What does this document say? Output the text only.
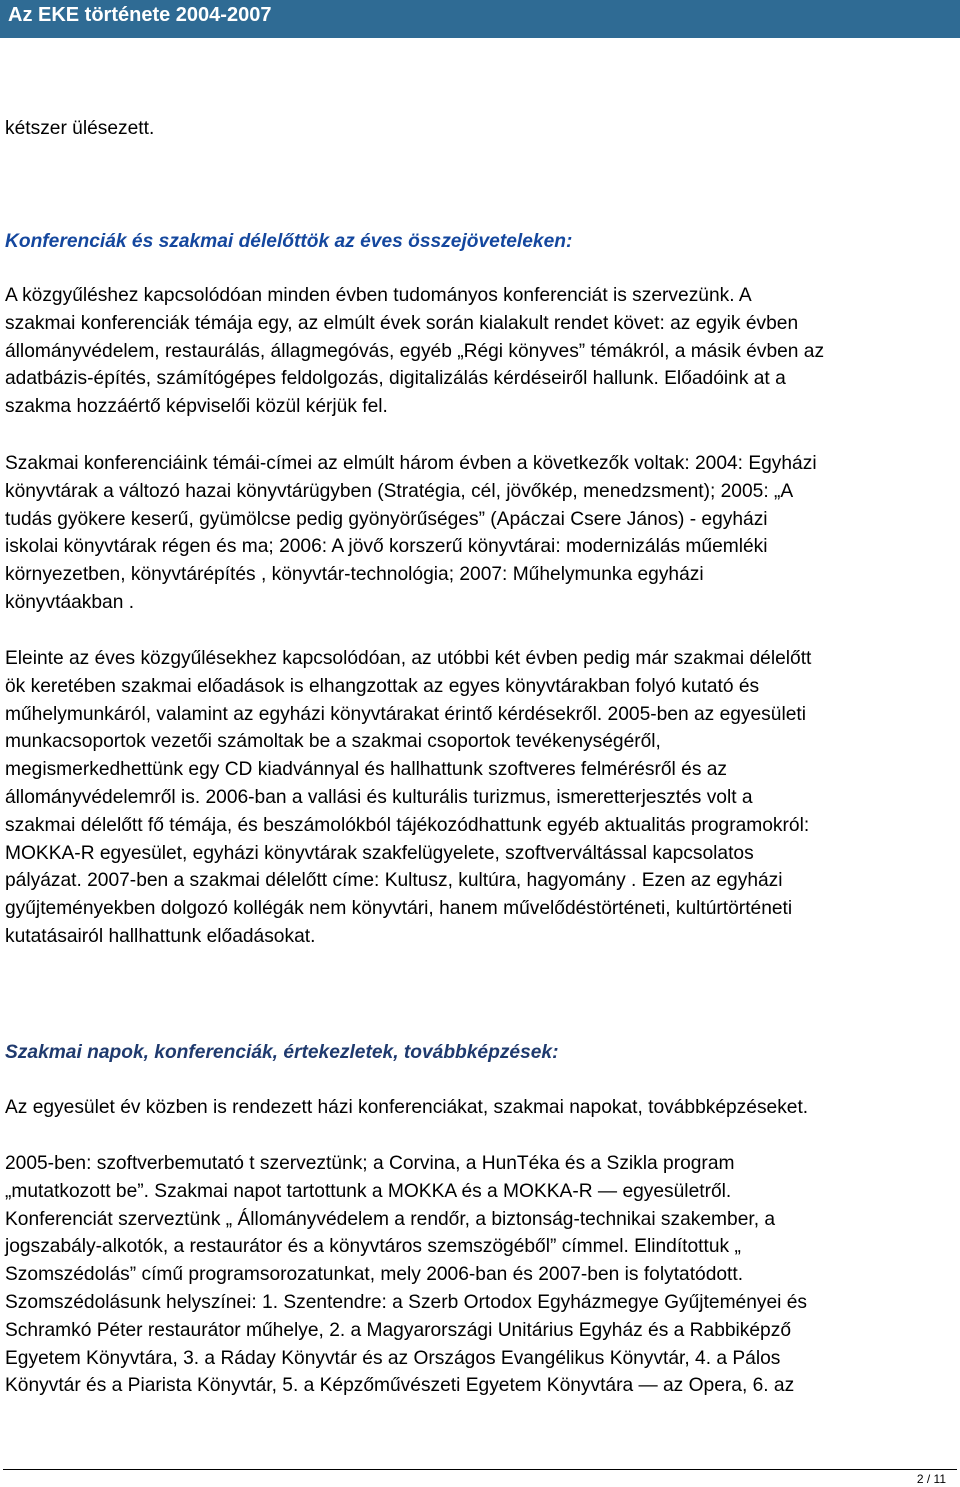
Az EKE története 2004-2007

kétszer ülésezett.

Konferenciák és szakmai délelőttök az éves összejöveteleken:

A közgyűléshez kapcsolódóan minden évben tudományos konferenciát is szervezünk. A
szakmai konferenciák témája egy, az elmúlt évek során kialakult rendet követ: az egyik évben
állományvédelem, restaurálás, állagmegóvás, egyéb „Régi könyves” témákról, a másik évben az
adatbázis-építés, számítógépes feldolgozás, digitalizálás kérdéseiről hallunk. Előadóink at a
szakma hozzáértő képviselői közül kérjük fel.

Szakmai konferenciáink témái-címei az elmúlt három évben a következők voltak: 2004: Egyházi
könyvtárak a változó hazai könyvtárügyben (Stratégia, cél, jövőkép, menedzsment); 2005: „A
tudás gyökere keserű, gyümölcse pedig gyönyörűséges” (Apáczai Csere János) - egyházi
iskolai könyvtárak régen és ma; 2006: A jövő korszerű könyvtárai: modernizálás műemléki
környezetben, könyvtárépítés , könyvtár-technológia; 2007: Műhelymunka egyházi
könyvtáakban .

Eleinte az éves közgyűlésekhez kapcsolódóan, az utóbbi két évben pedig már szakmai délelőtt
ök keretében szakmai előadások is elhangzottak az egyes könyvtárakban folyó kutató és
műhelymunkáról, valamint az egyházi könyvtárakat érintő kérdésekről. 2005-ben az egyesületi
munkacsoportok vezetői számoltak be a szakmai csoportok tevékenységéről,
megismerkedhettünk egy CD kiadvánnyal és hallhattunk szoftveres felmérésről és az
állományvédelemről is. 2006-ban a vallási és kulturális turizmus, ismeretterjesztés volt a
szakmai délelőtt fő témája, és beszámolókból tájékozódhattunk egyéb aktualitás programokról:
MOKKA-R egyesület, egyházi könyvtárak szakfelügyelete, szoftverváltással kapcsolatos
pályázat. 2007-ben a szakmai délelőtt címe: Kultusz, kultúra, hagyomány . Ezen az egyházi
gyűjteményekben dolgozó kollégák nem könyvtári, hanem művelődéstörténeti, kultúrtörténeti
kutatásairól hallhattunk előadásokat.

Szakmai napok, konferenciák, értekezletek, továbbképzések:

Az egyesület év közben is rendezett házi konferenciákat, szakmai napokat, továbbképzéseket.

2005-ben: szoftverbemutató t szerveztünk; a Corvina, a HunTéka és a Szikla program
„mutatkozott be”. Szakmai napot tartottunk a MOKKA és a MOKKA-R — egyesületről.
Konferenciát szerveztünk „ Állományvédelem a rendőr, a biztonság-technikai szakember, a
jogszabály-alkotók, a restaurátor és a könyvtáros szemszögéből” címmel. Elindítottuk „
Szomszédolás” című programsorozatunkat, mely 2006-ban és 2007-ben is folytatódott.
Szomszédolásunk helyszínei: 1. Szentendre: a Szerb Ortodox Egyházmegye Gyűjteményei és
Schramkó Péter restaurátor műhelye, 2. a Magyarországi Unitárius Egyház és a Rabbiképző
Egyetem Könyvtára, 3. a Ráday Könyvtár és az Országos Evangélikus Könyvtár, 4. a Pálos
Könyvtár és a Piarista Könyvtár, 5. a Képzőművészeti Egyetem Könyvtára — az Opera, 6. az

2 / 11
